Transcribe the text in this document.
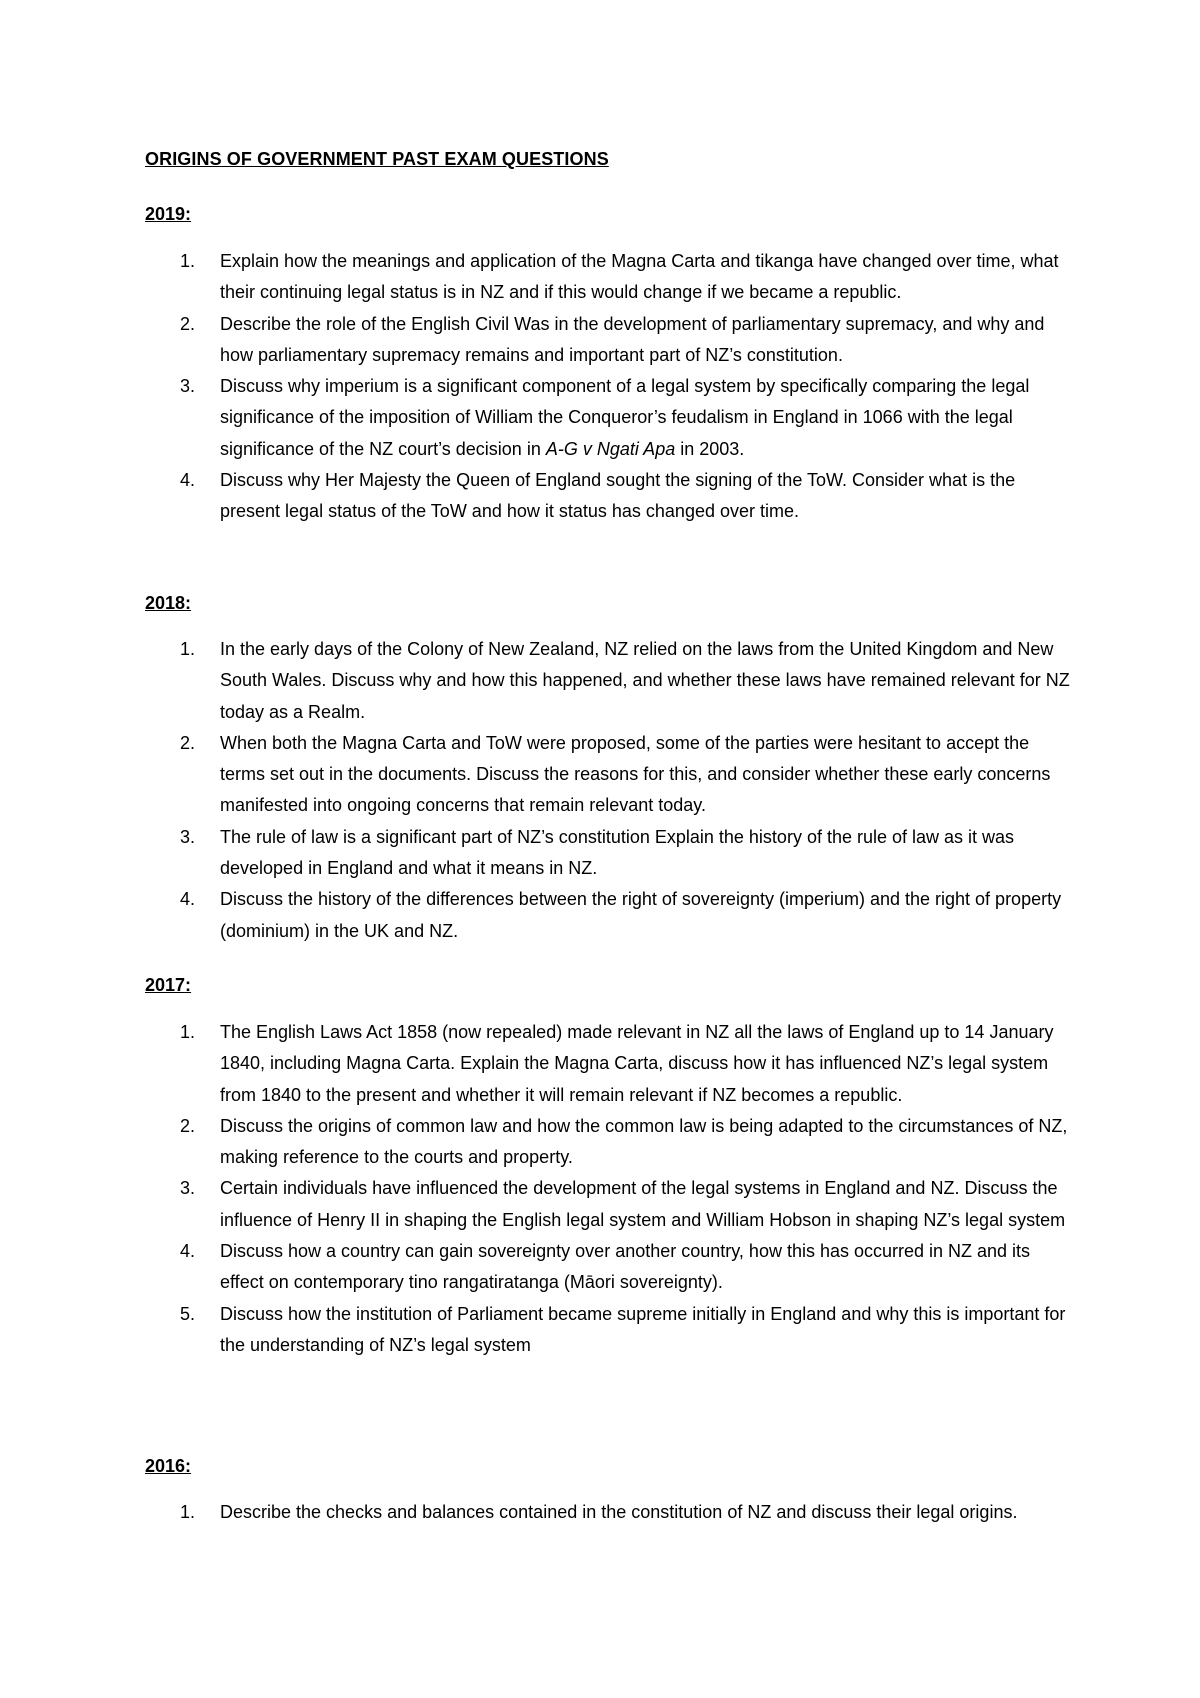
ORIGINS OF GOVERNMENT PAST EXAM QUESTIONS
2019:
1. Explain how the meanings and application of the Magna Carta and tikanga have changed over time, what their continuing legal status is in NZ and if this would change if we became a republic.
2. Describe the role of the English Civil Was in the development of parliamentary supremacy, and why and how parliamentary supremacy remains and important part of NZ’s constitution.
3. Discuss why imperium is a significant component of a legal system by specifically comparing the legal significance of the imposition of William the Conqueror’s feudalism in England in 1066 with the legal significance of the NZ court’s decision in A-G v Ngati Apa in 2003.
4. Discuss why Her Majesty the Queen of England sought the signing of the ToW. Consider what is the present legal status of the ToW and how it status has changed over time.
2018:
1. In the early days of the Colony of New Zealand, NZ relied on the laws from the United Kingdom and New South Wales. Discuss why and how this happened, and whether these laws have remained relevant for NZ today as a Realm.
2. When both the Magna Carta and ToW were proposed, some of the parties were hesitant to accept the terms set out in the documents. Discuss the reasons for this, and consider whether these early concerns manifested into ongoing concerns that remain relevant today.
3. The rule of law is a significant part of NZ’s constitution Explain the history of the rule of law as it was developed in England and what it means in NZ.
4. Discuss the history of the differences between the right of sovereignty (imperium) and the right of property (dominium) in the UK and NZ.
2017:
1. The English Laws Act 1858 (now repealed) made relevant in NZ all the laws of England up to 14 January 1840, including Magna Carta. Explain the Magna Carta, discuss how it has influenced NZ’s legal system from 1840 to the present and whether it will remain relevant if NZ becomes a republic.
2. Discuss the origins of common law and how the common law is being adapted to the circumstances of NZ, making reference to the courts and property.
3. Certain individuals have influenced the development of the legal systems in England and NZ. Discuss the influence of Henry II in shaping the English legal system and William Hobson in shaping NZ’s legal system
4. Discuss how a country can gain sovereignty over another country, how this has occurred in NZ and its effect on contemporary tino rangatiratanga (Māori sovereignty).
5. Discuss how the institution of Parliament became supreme initially in England and why this is important for the understanding of NZ’s legal system
2016:
1. Describe the checks and balances contained in the constitution of NZ and discuss their legal origins.
